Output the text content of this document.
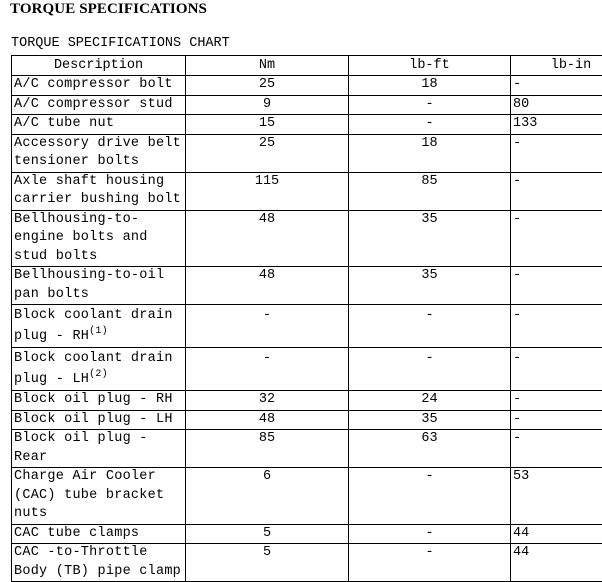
TORQUE SPECIFICATIONS
TORQUE SPECIFICATIONS CHART
Description	Nm	lb-ft	lb-in
A/C compressor bolt	25	18	-
A/C compressor stud	9	-	80
A/C tube nut	15	-	133
Accessory drive belt tensioner bolts	25	18	-
Axle shaft housing carrier bushing bolt	115	85	-
Bellhousing-to-engine bolts and stud bolts	48	35	-
Bellhousing-to-oil pan bolts	48	35	-
Block coolant drain plug - RH$^{(1)}$	-	-	-
Block coolant drain plug - LH$^{(2)}$	-	-	-
Block oil plug - RH	32	24	-
Block oil plug - LH	48	35	-
Block oil plug - Rear	85	63	-
Charge Air Cooler (CAC) tube bracket nuts	6	-	53
CAC tube clamps	5	-	44
CAC -to-Throttle Body (TB) pipe clamp	5	-	44
